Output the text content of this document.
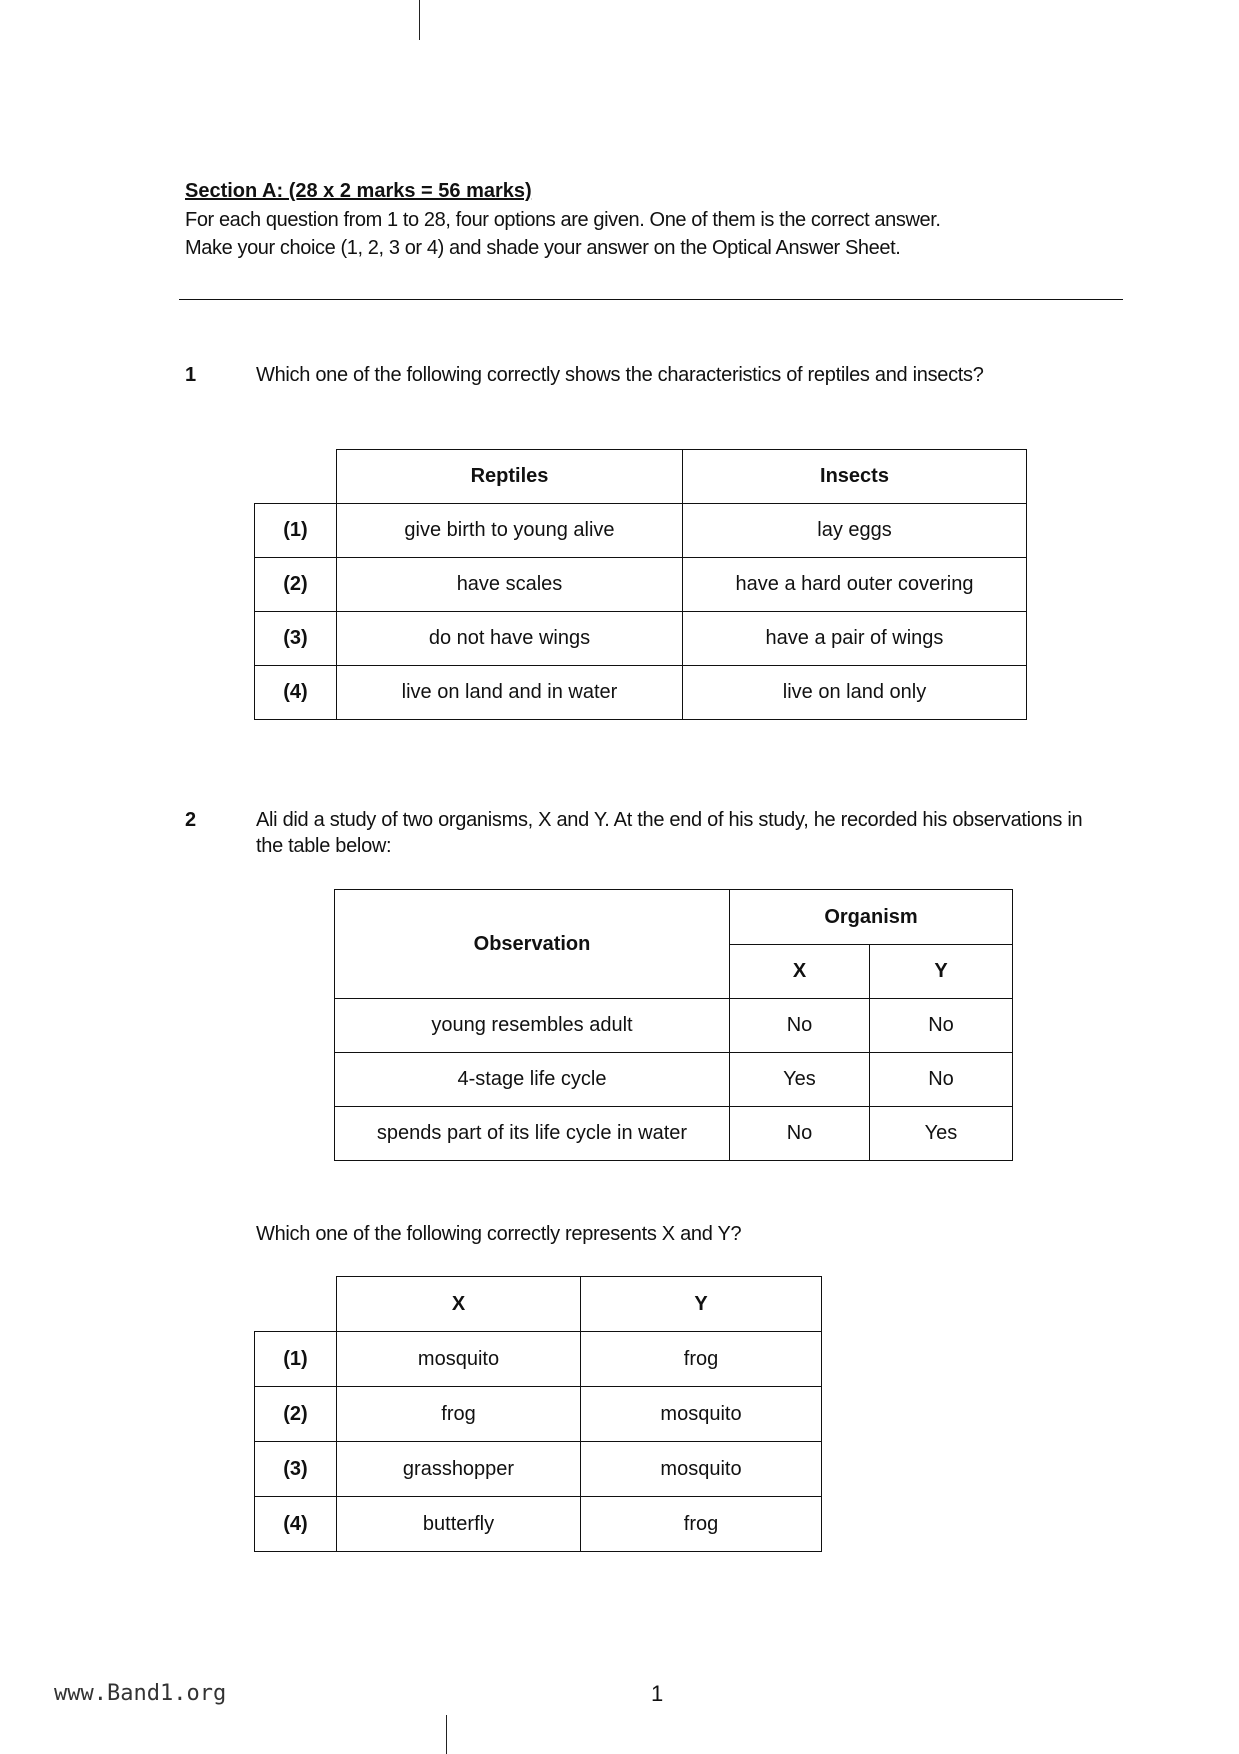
Section A: (28 x 2 marks = 56 marks)
For each question from 1 to 28, four options are given. One of them is the correct answer.
Make your choice (1, 2, 3 or 4) and shade your answer on the Optical Answer Sheet.
1	Which one of the following correctly shows the characteristics of reptiles and insects?
	Reptiles	Insects
(1)	give birth to young alive	lay eggs
(2)	have scales	have a hard outer covering
(3)	do not have wings	have a pair of wings
(4)	live on land and in water	live on land only
2	Ali did a study of two organisms, X and Y. At the end of his study, he recorded his observations in the table below:
Observation	Organism	
	X	Y
young resembles adult	No	No
4-stage life cycle	Yes	No
spends part of its life cycle in water	No	Yes
Which one of the following correctly represents X and Y?
	X	Y
(1)	mosquito	frog
(2)	frog	mosquito
(3)	grasshopper	mosquito
(4)	butterfly	frog
www.Band1.org	1
